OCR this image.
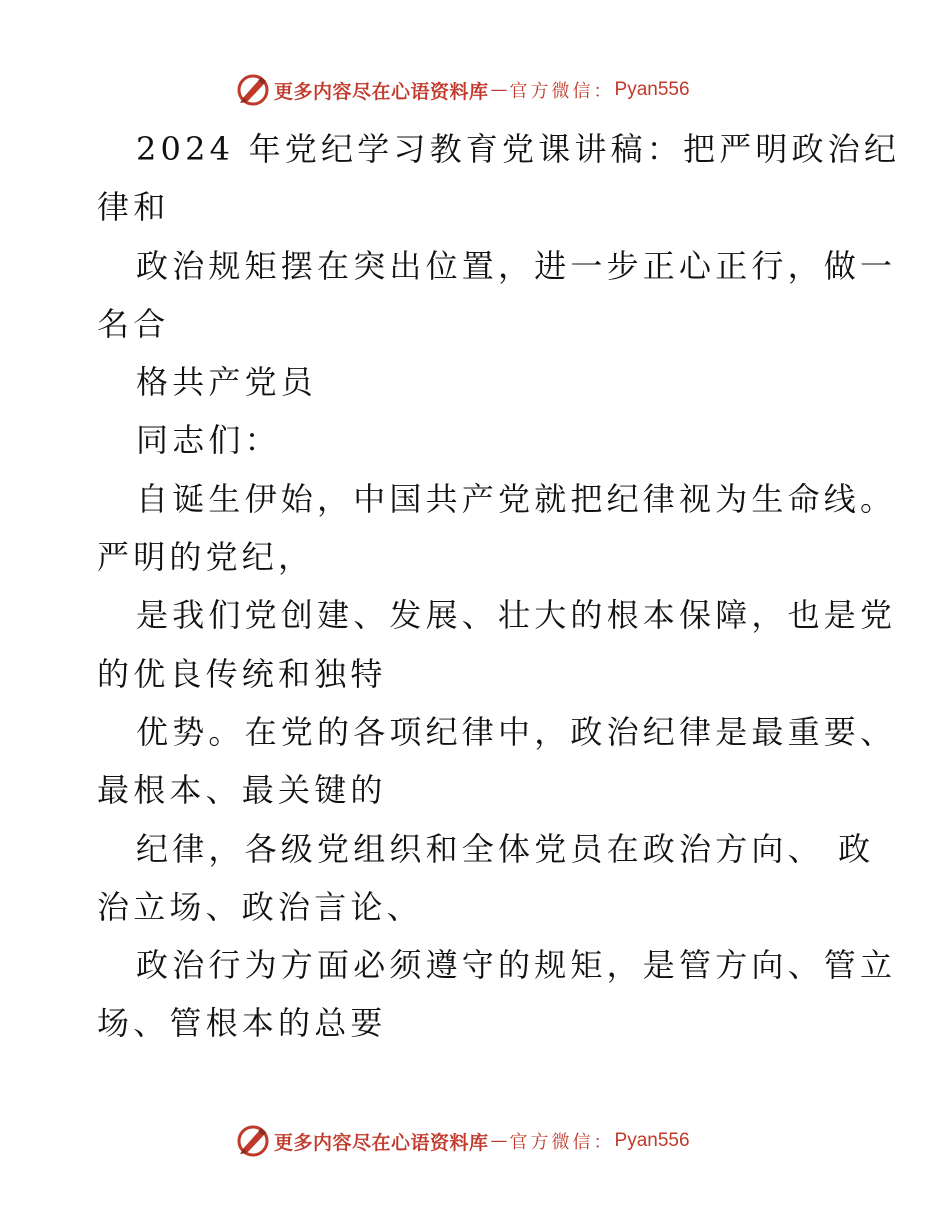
更多内容尽在心语资料库 — 官方微信： Pyan556
2024 年党纪学习教育党课讲稿：把严明政治纪
律和
政治规矩摆在突出位置，进一步正心正行，做一
名合
格共产党员
同志们：
自诞生伊始，中国共产党就把纪律视为生命线。
严明的党纪，
是我们党创建、发展、壮大的根本保障，也是党
的优良传统和独特
优势。在党的各项纪律中，政治纪律是最重要、
最根本、最关键的
纪律，各级党组织和全体党员在政治方向、 政
治立场、政治言论、
政治行为方面必须遵守的规矩，是管方向、管立
场、管根本的总要
更多内容尽在心语资料库 — 官方微信： Pyan556
